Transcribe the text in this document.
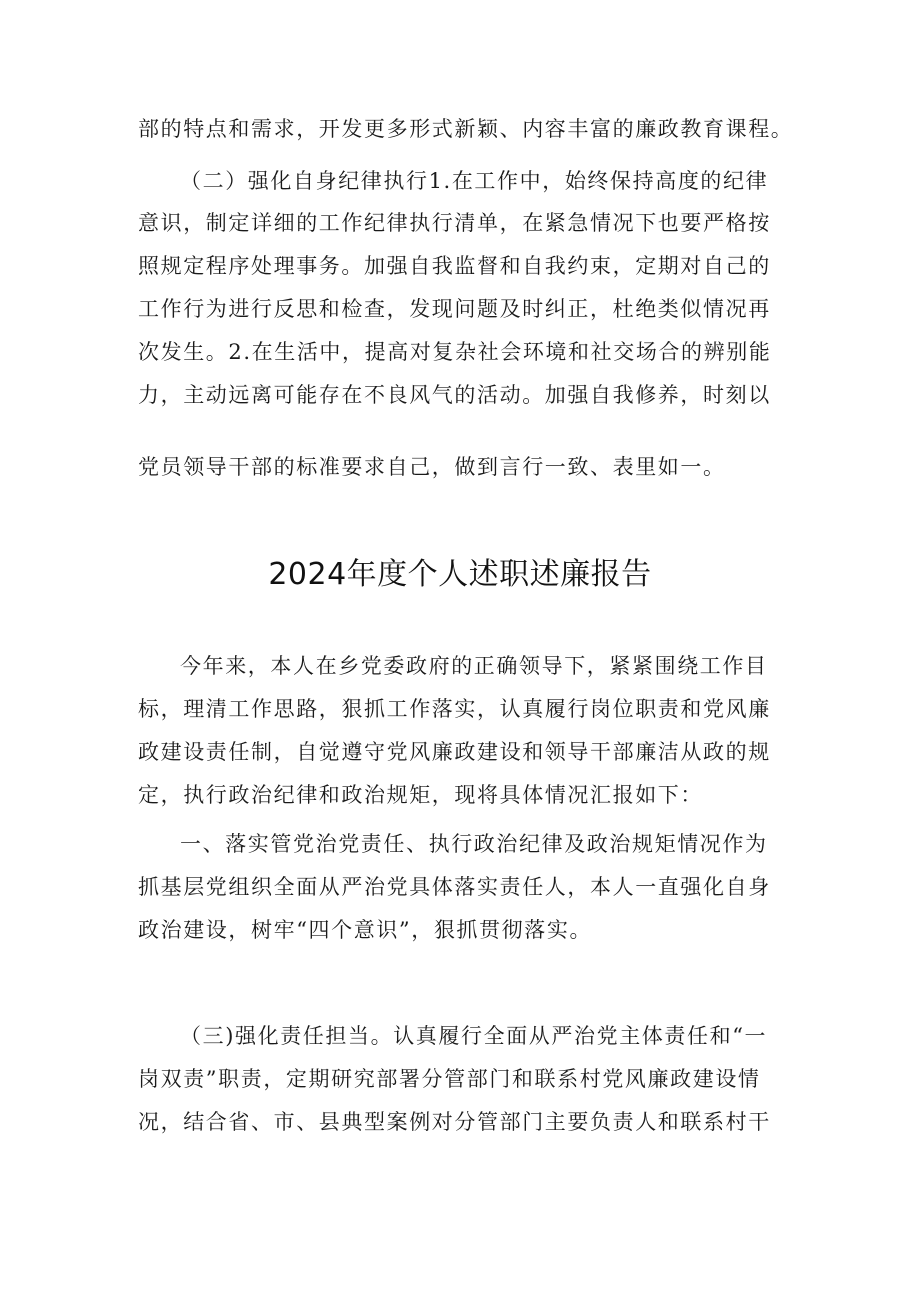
部的特点和需求，开发更多形式新颖、内容丰富的廉政教育课程。
（二）强化自身纪律执行1.在工作中，始终保持高度的纪律
意识，制定详细的工作纪律执行清单，在紧急情况下也要严格按
照规定程序处理事务。加强自我监督和自我约束，定期对自己的
工作行为进行反思和检查，发现问题及时纠正，杜绝类似情况再
次发生。2.在生活中，提高对复杂社会环境和社交场合的辨别能
力，主动远离可能存在不良风气的活动。加强自我修养，时刻以
党员领导干部的标准要求自己，做到言行一致、表里如一。
2024年度个人述职述廉报告
今年来，本人在乡党委政府的正确领导下，紧紧围绕工作目
标，理清工作思路，狠抓工作落实，认真履行岗位职责和党风廉
政建设责任制，自觉遵守党风廉政建设和领导干部廉洁从政的规
定，执行政治纪律和政治规矩，现将具体情况汇报如下：
一、落实管党治党责任、执行政治纪律及政治规矩情况作为
抓基层党组织全面从严治党具体落实责任人，本人一直强化自身
政治建设，树牢“四个意识”，狠抓贯彻落实。
（三)强化责任担当。认真履行全面从严治党主体责任和“一
岗双责”职责，定期研究部署分管部门和联系村党风廉政建设情
况，结合省、市、县典型案例对分管部门主要负责人和联系村干
